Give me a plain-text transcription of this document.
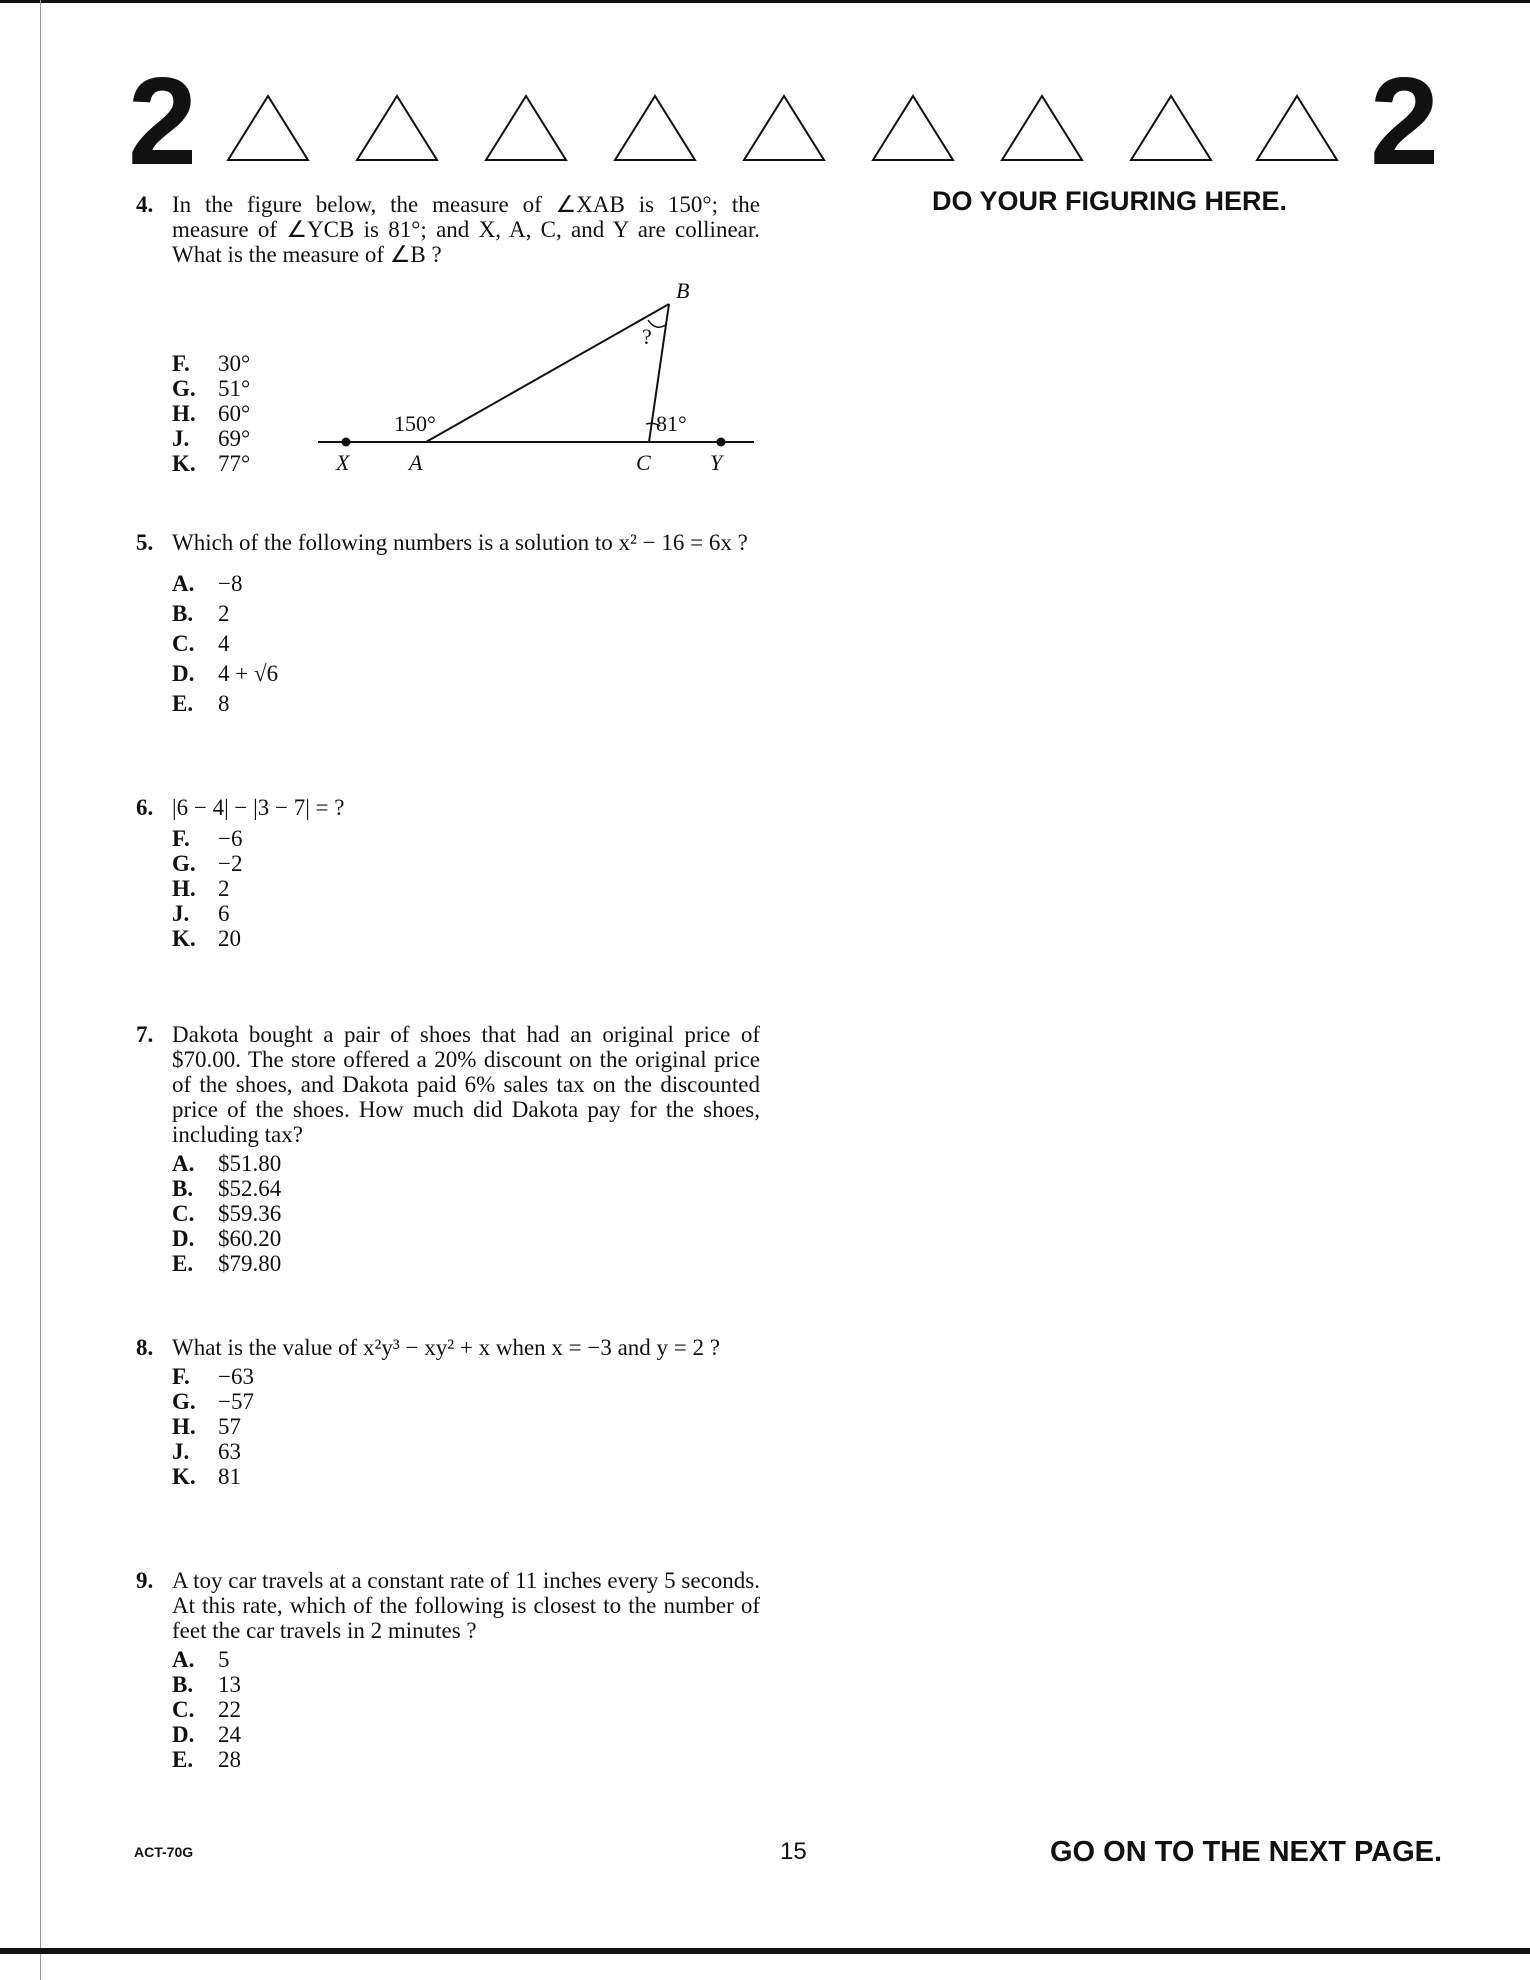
2	2
DO YOUR FIGURING HERE.
4. In the figure below, the measure of ∠XAB is 150°; the measure of ∠YCB is 81°; and X, A, C, and Y are collinear. What is the measure of ∠B ?
F.	30°
G. 51°
H. 60°
J.	69°
K. 77°
B
?
150°	81°
X	A	C	Y
5. Which of the following numbers is a solution to x² − 16 = 6x ?
A.	−8
B.	2
C.	4
D.	4 + √6
E.	8
6. |6 − 4| − |3 − 7| = ?
F.	−6
G. −2
H. 2
J.	6
K. 20
7. Dakota bought a pair of shoes that had an original price of $70.00. The store offered a 20% discount on the original price of the shoes, and Dakota paid 6% sales tax on the discounted price of the shoes. How much did Dakota pay for the shoes, including tax?
A.	$51.80
B.	$52.64
C.	$59.36
D.	$60.20
E.	$79.80
8. What is the value of x²y³ − xy² + x when x = −3 and y = 2 ?
F.	−63
G. −57
H. 57
J.	63
K. 81
9. A toy car travels at a constant rate of 11 inches every 5 seconds. At this rate, which of the following is closest to the number of feet the car travels in 2 minutes ?
A.	5
B.	13
C.	22
D.	24
E.	28
ACT-70G	15	GO ON TO THE NEXT PAGE.
